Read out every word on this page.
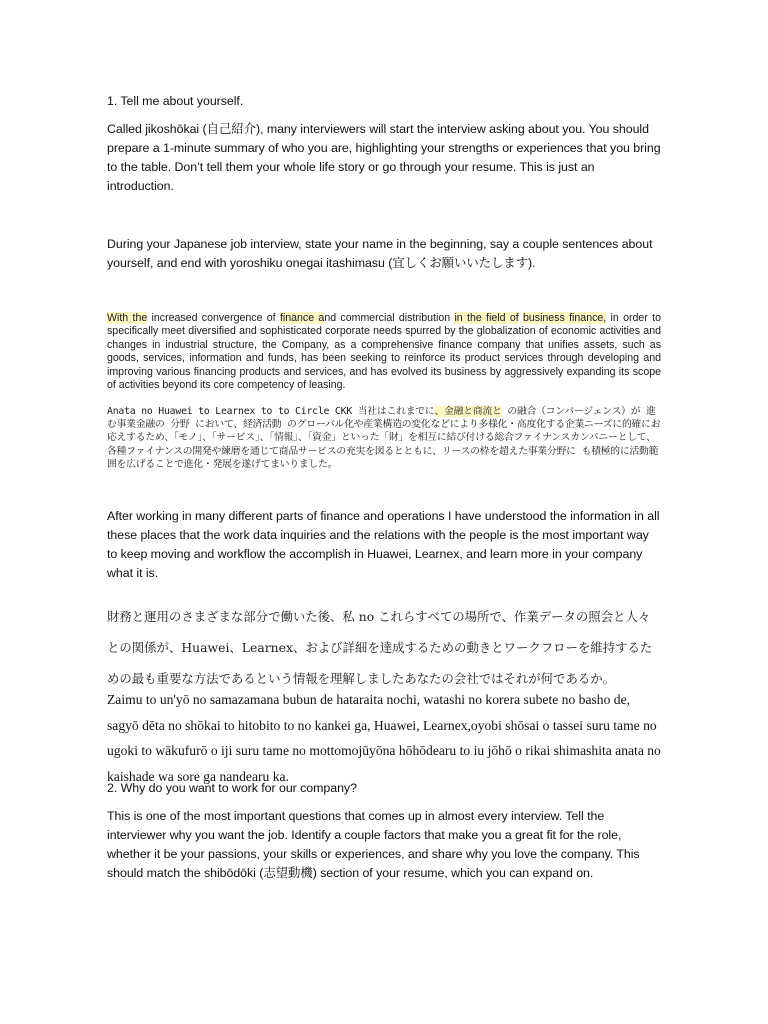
1. Tell me about yourself.

Called jikoshōkai (自己紹介), many interviewers will start the interview asking about you. You should prepare a 1-minute summary of who you are, highlighting your strengths or experiences that you bring to the table. Don’t tell them your whole life story or go through your resume. This is just an introduction.

During your Japanese job interview, state your name in the beginning, say a couple sentences about yourself, and end with yoroshiku onegai itashimasu (宜しくお願いいたします).

With the increased convergence of finance and commercial distribution in the field of business finance, in order to specifically meet diversified and sophisticated corporate needs spurred by the globalization of economic activities and changes in industrial structure, the Company, as a comprehensive finance company that unifies assets, such as goods, services, information and funds, has been seeking to reinforce its product services through developing and improving various financing products and services, and has evolved its business by aggressively expanding its scope of activities beyond its core competency of leasing.

Anata no Huawei to Learnex to to Circle CKK 当社はこれまでに、金融と商流と の融合（コンバージェンス）が 進 む事業金融の 分野 において、経済活動 のグローバル化や産業構造の変化などにより多様化・高度化する企業ニーズに的確にお応えするため、「モノ」、「サービス」、「情報」、「資金」といった「財」を相互に結び付ける総合ファイナンスカンパニーとして、各種ファイナンスの開発や練磨を通じて商品サービスの充実を図るとともに、リースの枠を超えた事業分野に も積極的に活動範囲を広げることで進化・発展を遂げてまいりました。

After working in many different parts of finance and operations I have understood the information in all these places that the work data inquiries and the relations with the people is the most important way to keep moving and workflow the accomplish in Huawei, Learnex, and learn more in your company what it is.

財務と運用のさまざまな部分で働いた後、私 no これらすべての場所で、作業データの照会と人々との関係が、Huawei、Learnex、および詳細を達成するための動きとワークフローを維持するための最も重要な方法であるという情報を理解しましたあなたの会社ではそれが何であるか。

Zaimu to un'yō no samazamana bubun de hataraita nochi, watashi no korera subete no basho de, sagyō dēta no shōkai to hitobito to no kankei ga, Huawei, Learnex,oyobi shōsai o tassei suru tame no ugoki to wākufurō o iji suru tame no mottomojūyōna hōhōdearu to iu jōhō o rikai shimashita anata no kaishade wa sore ga nandearu ka.

2. Why do you want to work for our company?

This is one of the most important questions that comes up in almost every interview. Tell the interviewer why you want the job. Identify a couple factors that make you a great fit for the role, whether it be your passions, your skills or experiences, and share why you love the company. This should match the shibōdōki (志望動機) section of your resume, which you can expand on.
